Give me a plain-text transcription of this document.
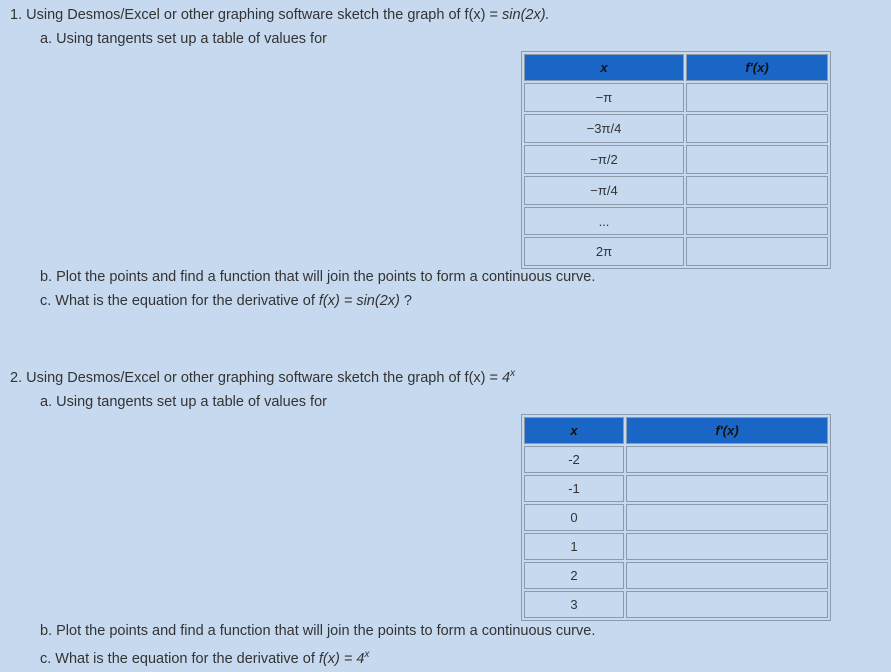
1. Using Desmos/Excel or other graphing software sketch the graph of f(x) = sin(2x).
a. Using tangents set up a table of values for
x	f'(x)
−π	
−3π/4	
−π/2	
−π/4	
...	
2π	
b. Plot the points and find a function that will join the points to form a continuous curve.
c. What is the equation for the derivative of f(x) = sin(2x) ?
2. Using Desmos/Excel or other graphing software sketch the graph of $f(x) = 4^x$
a. Using tangents set up a table of values for
x	f'(x)
-2	
-1	
0	
1	
2	
3	
b. Plot the points and find a function that will join the points to form a continuous curve.
c. What is the equation for the derivative of $f(x) = 4^x$
